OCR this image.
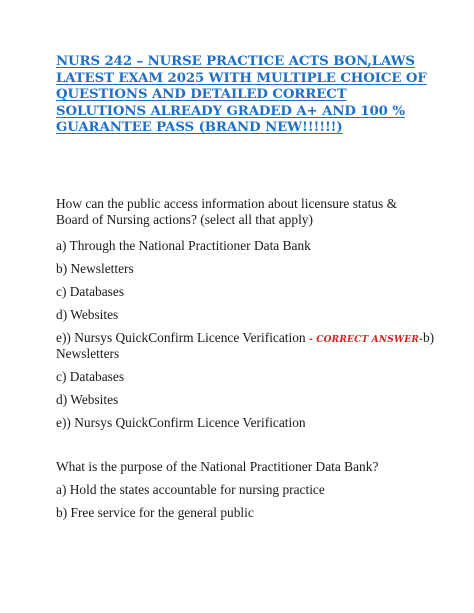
NURS 242 – NURSE PRACTICE ACTS BON,LAWS LATEST EXAM 2025 WITH MULTIPLE CHOICE OF QUESTIONS AND DETAILED CORRECT SOLUTIONS ALREADY GRADED A+ AND 100 % GUARANTEE PASS (BRAND NEW!!!!!!)

How can the public access information about licensure status & Board of Nursing actions? (select all that apply)

a) Through the National Practitioner Data Bank

b) Newsletters

c) Databases

d) Websites

e)) Nursys QuickConfirm Licence Verification - CORRECT ANSWER-b)

Newsletters

c) Databases

d) Websites

e)) Nursys QuickConfirm Licence Verification

What is the purpose of the National Practitioner Data Bank?

a) Hold the states accountable for nursing practice

b) Free service for the general public
